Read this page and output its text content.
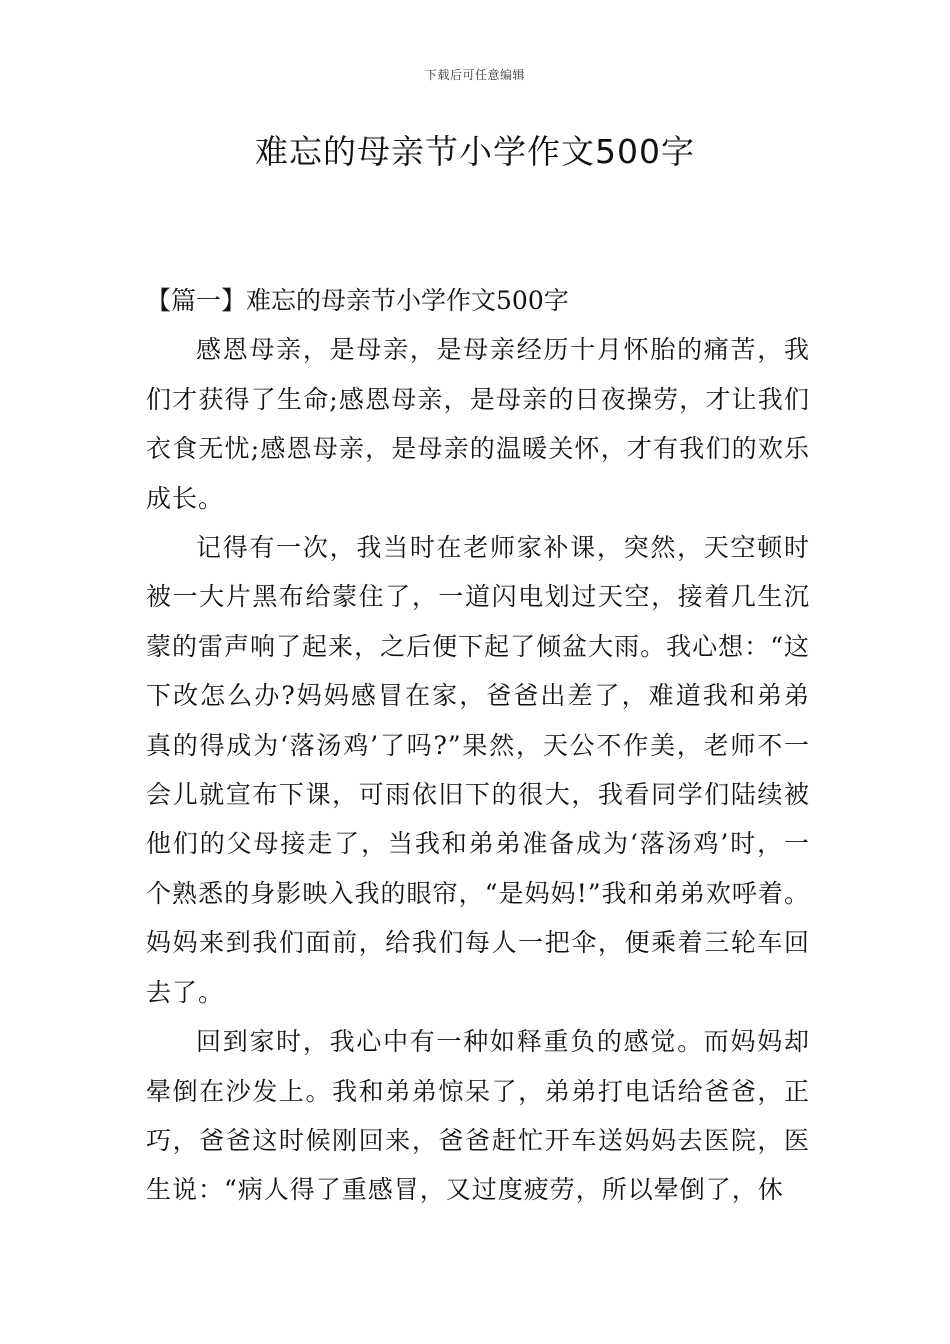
下载后可任意编辑
难忘的母亲节小学作文500字
【篇一】难忘的母亲节小学作文500字

感恩母亲，是母亲，是母亲经历十月怀胎的痛苦，我们才获得了生命;感恩母亲，是母亲的日夜操劳，才让我们衣食无忧;感恩母亲，是母亲的温暖关怀，才有我们的欢乐成长。

记得有一次，我当时在老师家补课，突然，天空顿时被一大片黑布给蒙住了，一道闪电划过天空，接着几生沉蒙的雷声响了起来，之后便下起了倾盆大雨。我心想：“这下改怎么办?妈妈感冒在家，爸爸出差了，难道我和弟弟真的得成为‘落汤鸡’了吗?”果然，天公不作美，老师不一会儿就宣布下课，可雨依旧下的很大，我看同学们陆续被他们的父母接走了，当我和弟弟准备成为‘落汤鸡’时，一个熟悉的身影映入我的眼帘，“是妈妈!”我和弟弟欢呼着。妈妈来到我们面前，给我们每人一把伞，便乘着三轮车回去了。

回到家时，我心中有一种如释重负的感觉。而妈妈却晕倒在沙发上。我和弟弟惊呆了，弟弟打电话给爸爸，正巧，爸爸这时候刚回来，爸爸赶忙开车送妈妈去医院，医生说：“病人得了重感冒，又过度疲劳，所以晕倒了，休
